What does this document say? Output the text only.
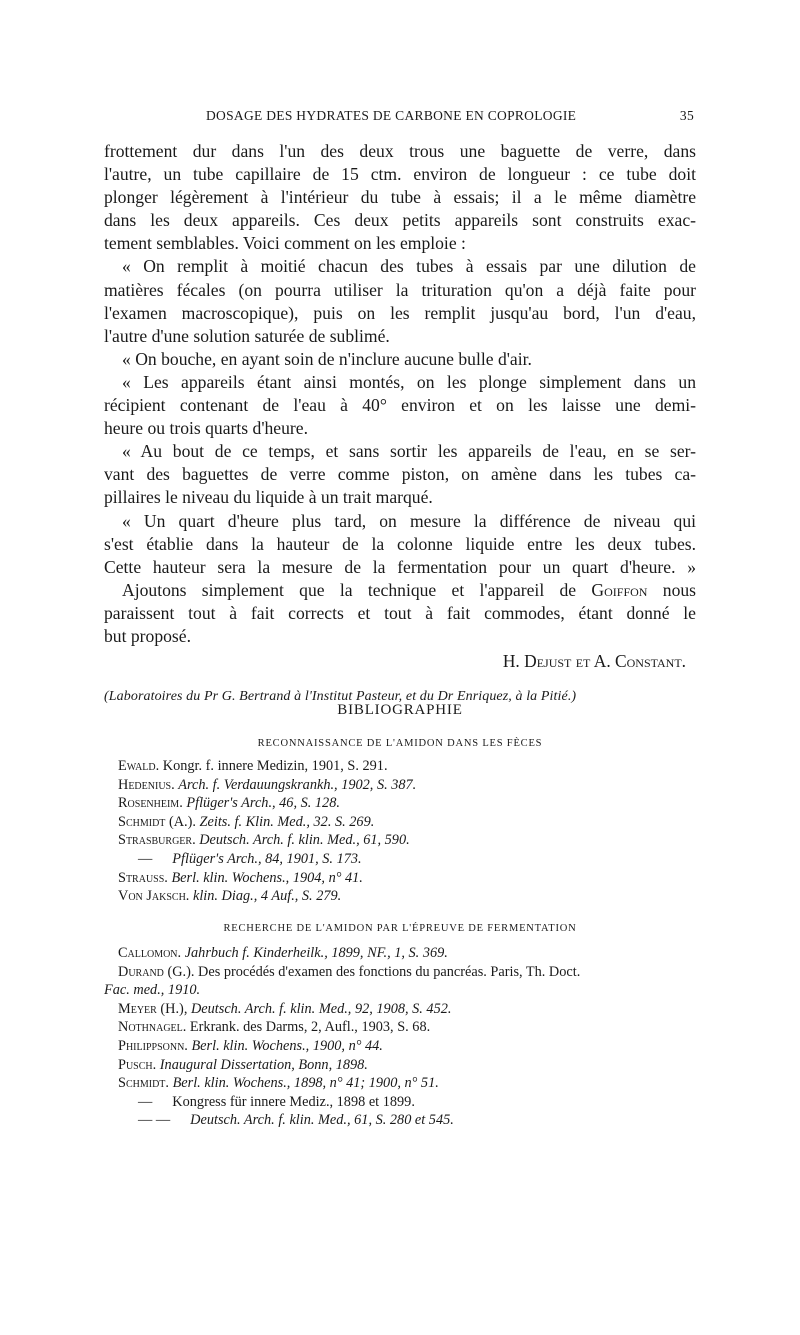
DOSAGE DES HYDRATES DE CARBONE EN COPROLOGIE	35
frottement dur dans l'un des deux trous une baguette de verre, dans
l'autre, un tube capillaire de 15 ctm. environ de longueur : ce tube doit
plonger légèrement à l'intérieur du tube à essais; il a le même diamètre
dans les deux appareils. Ces deux petits appareils sont construits exac-
tement semblables. Voici comment on les emploie :
« On remplit à moitié chacun des tubes à essais par une dilution de
matières fécales (on pourra utiliser la trituration qu'on a déjà faite pour
l'examen macroscopique), puis on les remplit jusqu'au bord, l'un d'eau,
l'autre d'une solution saturée de sublimé.
« On bouche, en ayant soin de n'inclure aucune bulle d'air.
« Les appareils étant ainsi montés, on les plonge simplement dans un
récipient contenant de l'eau à 40° environ et on les laisse une demi-
heure ou trois quarts d'heure.
« Au bout de ce temps, et sans sortir les appareils de l'eau, en se ser-
vant des baguettes de verre comme piston, on amène dans les tubes ca-
pillaires le niveau du liquide à un trait marqué.
« Un quart d'heure plus tard, on mesure la différence de niveau qui
s'est établie dans la hauteur de la colonne liquide entre les deux tubes.
Cette hauteur sera la mesure de la fermentation pour un quart d'heure. »
Ajoutons simplement que la technique et l'appareil de Goiffon nous
paraissent tout à fait corrects et tout à fait commodes, étant donné le
but proposé.
H. Dejust et A. Constant.
(Laboratoires du Pr G. Bertrand à l'Institut Pasteur, et du Dr Enriquez, à la Pitié.)
BIBLIOGRAPHIE
RECONNAISSANCE DE L'AMIDON DANS LES FÈCES
Ewald. Kongr. f. innere Medizin, 1901, S. 291.
Hedenius. Arch. f. Verdauungskrankh., 1902, S. 387.
Rosenheim. Pflüger's Arch., 46, S. 128.
Schmidt (A.). Zeits. f. Klin. Med., 32. S. 269.
Strasburger. Deutsch. Arch. f. klin. Med., 61, 590.
— Pflüger's Arch., 84, 1901, S. 173.
Strauss. Berl. klin. Wochens., 1904, n° 41.
Von Jaksch. klin. Diag., 4 Auf., S. 279.
RECHERCHE DE L'AMIDON PAR L'ÉPREUVE DE FERMENTATION
Callomon. Jahrbuch f. Kinderheilk., 1899, NF., 1, S. 369.
Durand (G.). Des procédés d'examen des fonctions du pancréas. Paris, Th. Doct.
Fac. med., 1910.
Meyer (H.), Deutsch. Arch. f. klin. Med., 92, 1908, S. 452.
Nothnagel. Erkrank. des Darms, 2, Aufl., 1903, S. 68.
Philippsonn. Berl. klin. Wochens., 1900, n° 44.
Pusch. Inaugural Dissertation, Bonn, 1898.
Schmidt. Berl. klin. Wochens., 1898, n° 41; 1900, n° 51.
— Kongress für innere Mediz., 1898 et 1899.
— — Deutsch. Arch. f. klin. Med., 61, S. 280 et 545.
